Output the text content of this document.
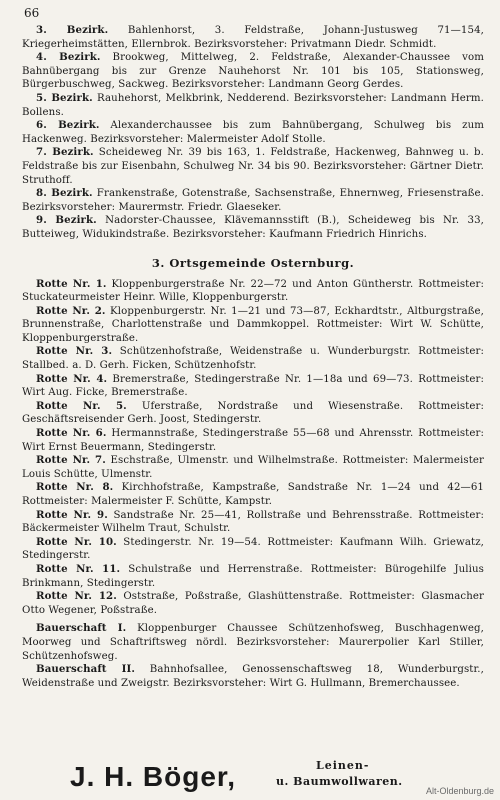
66

3. Bezirk. Bahlenhorst, 3. Feldstraße, Johann-Justusweg 71—154, Kriegerheimstätten, Ellernbrok. Bezirksvorsteher: Privatmann Diedr. Schmidt.

4. Bezirk. Brookweg, Mittelweg, 2. Feldstraße, Alexander-Chaussee vom Bahnübergang bis zur Grenze Nauhehorst Nr. 101 bis 105, Stationsweg, Bürgerbuschweg, Sackweg. Bezirksvorsteher: Landmann Georg Gerdes.

5. Bezirk. Rauhehorst, Melkbrink, Nedderend. Bezirksvorsteher: Landmann Herm. Bollens.

6. Bezirk. Alexanderchaussee bis zum Bahnübergang, Schulweg bis zum Hackenweg. Bezirksvorsteher: Malermeister Adolf Stolle.

7. Bezirk. Scheideweg Nr. 39 bis 163, 1. Feldstraße, Hackenweg, Bahnweg u. b. Feldstraße bis zur Eisenbahn, Schulweg Nr. 34 bis 90. Bezirksvorsteher: Gärtner Dietr. Struthoff.

8. Bezirk. Frankenstraße, Gotenstraße, Sachsenstraße, Ehnernweg, Friesenstraße. Bezirksvorsteher: Maurermstr. Friedr. Glaeseker.

9. Bezirk. Nadorster-Chaussee, Klävemannsstift (B.), Scheideweg bis Nr. 33, Butteiweg, Widukindstraße. Bezirksvorsteher: Kaufmann Friedrich Hinrichs.

3. Ortsgemeinde Osternburg.

Rotte Nr. 1. Kloppenburgerstraße Nr. 22—72 und Anton Güntherstr. Rottmeister: Stuckateurmeister Heinr. Wille, Kloppenburgerstr.

Rotte Nr. 2. Kloppenburgerstr. Nr. 1—21 und 73—87, Eckhardtstr., Altburgstraße, Brunnenstraße, Charlottenstraße und Dammkoppel. Rottmeister: Wirt W. Schütte, Kloppenburgerstraße.

Rotte Nr. 3. Schützenhofstraße, Weidenstraße u. Wunderburgstr. Rottmeister: Stallbed. a. D. Gerh. Ficken, Schützenhofstr.

Rotte Nr. 4. Bremerstraße, Stedingerstraße Nr. 1—18a und 69—73. Rottmeister: Wirt Aug. Ficke, Bremerstraße.

Rotte Nr. 5. Uferstraße, Nordstraße und Wiesenstraße. Rottmeister: Geschäftsreisender Gerh. Joost, Stedingerstr.

Rotte Nr. 6. Hermannstraße, Stedingerstraße 55—68 und Ahrensstr. Rottmeister: Wirt Ernst Beuermann, Stedingerstr.

Rotte Nr. 7. Eschstraße, Ulmenstr. und Wilhelmstraße. Rottmeister: Malermeister Louis Schütte, Ulmenstr.

Rotte Nr. 8. Kirchhofstraße, Kampstraße, Sandstraße Nr. 1—24 und 42—61 Rottmeister: Malermeister F. Schütte, Kampstr.

Rotte Nr. 9. Sandstraße Nr. 25—41, Rollstraße und Behrensstraße. Rottmeister: Bäckermeister Wilhelm Traut, Schulstr.

Rotte Nr. 10. Stedingerstr. Nr. 19—54. Rottmeister: Kaufmann Wilh. Griewatz, Stedingerstr.

Rotte Nr. 11. Schulstraße und Herrenstraße. Rottmeister: Bürogehilfe Julius Brinkmann, Stedingerstr.

Rotte Nr. 12. Oststraße, Poßstraße, Glashüttenstraße. Rottmeister: Glasmacher Otto Wegener, Poßstraße.

Bauerschaft I. Kloppenburger Chaussee Schützenhofsweg, Buschhagenweg, Moorweg und Schaftriftsweg nördl. Bezirksvorsteher: Maurerpolier Karl Stiller, Schützenhofsweg.

Bauerschaft II. Bahnhofsallee, Genossenschaftsweg 18, Wunderburgstr., Weidenstraße und Zweigstr. Bezirksvorsteher: Wirt G. Hullmann, Bremerchaussee.

J. H. Böger,	Leinen-
u. Baumwollwaren.
Alt-Oldenburg.de
